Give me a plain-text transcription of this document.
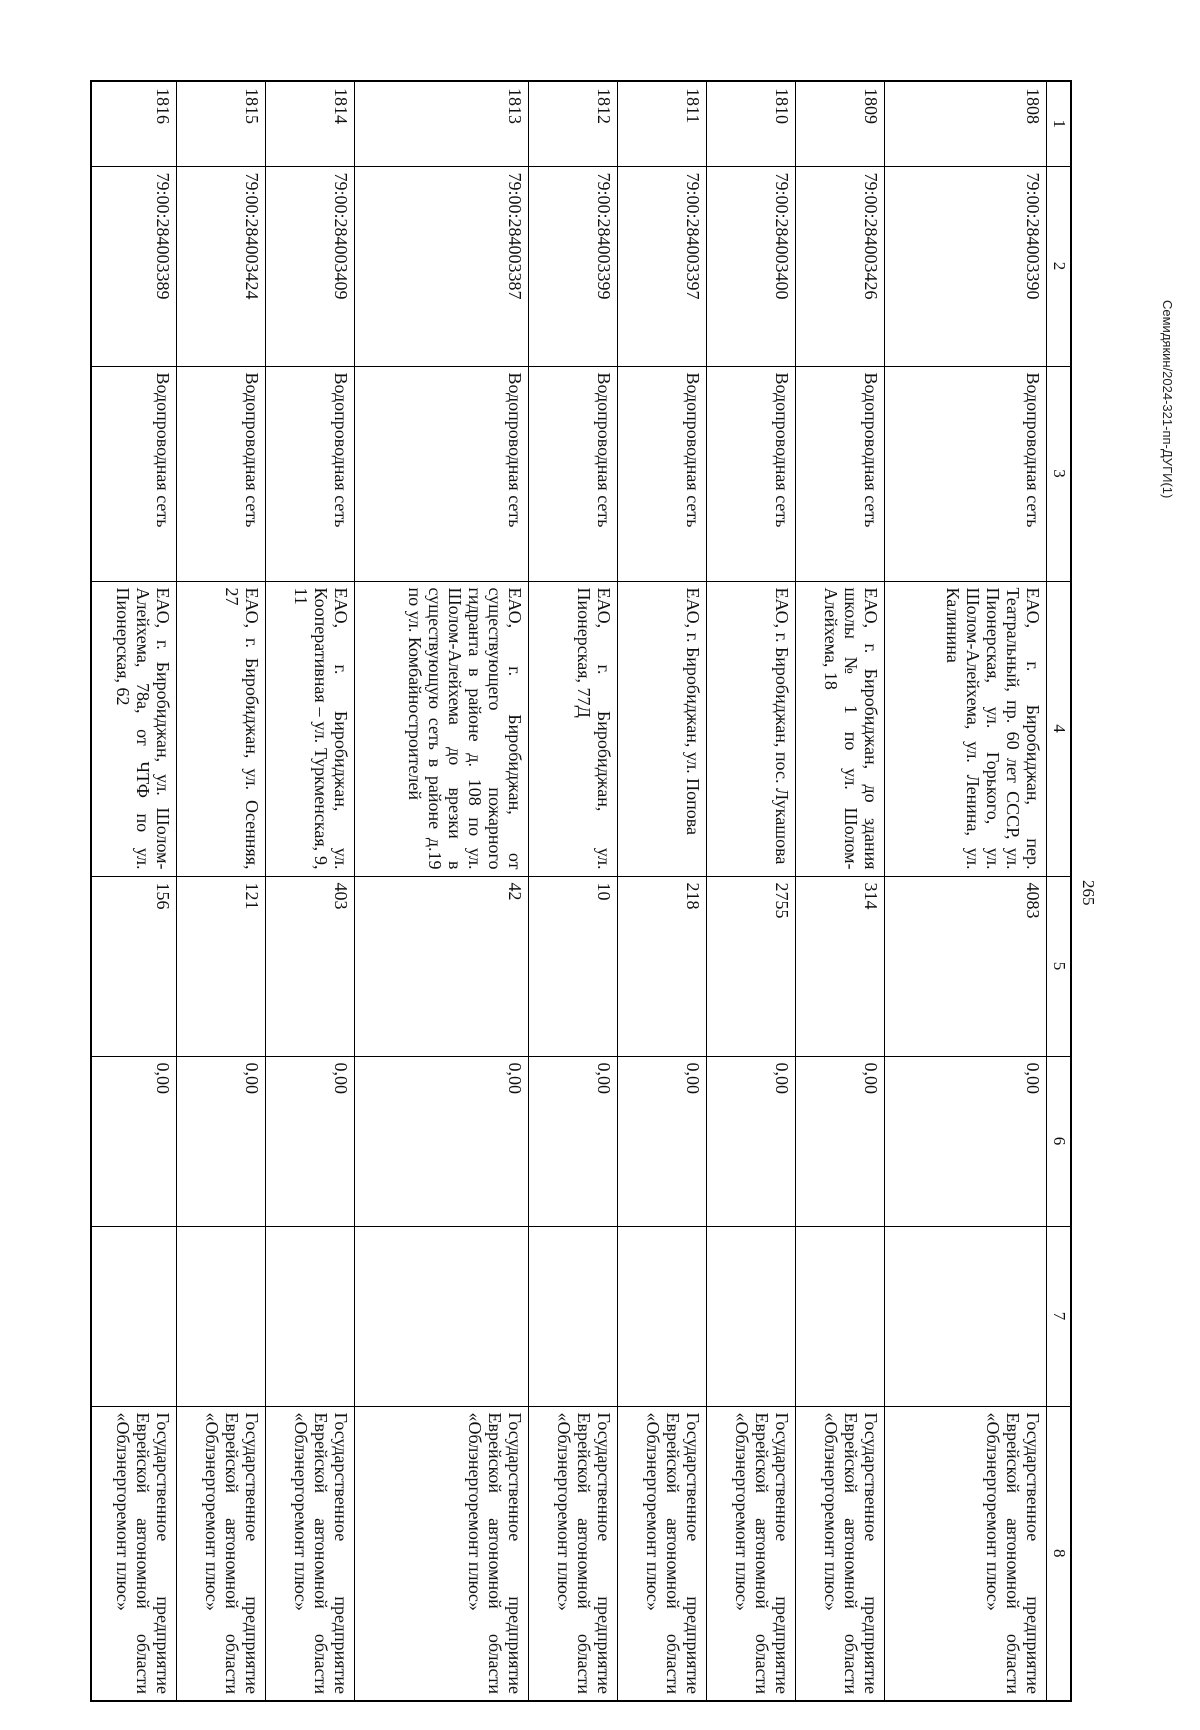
265
1	2	3	4	5	6	7	8
1808	79:00:284003390	Водопроводная сеть	ЕАО, г. Биробиджан, пер. Театральный, пр. 60 лет СССР, ул. Пионерская, ул. Горького, ул. Шолом-Алейхема, ул. Ленина, ул. Калинина	4083	0,00		Государственное предприятие Еврейской автономной области «Облэнергоремонт плюс»
1809	79:00:284003426	Водопроводная сеть	ЕАО, г. Биробиджан, до здания школы № 1 по ул. Шолом-Алейхема, 18	314	0,00		Государственное предприятие Еврейской автономной области «Облэнергоремонт плюс»
1810	79:00:284003400	Водопроводная сеть	ЕАО, г. Биробиджан, пос. Лукашова	2755	0,00		Государственное предприятие Еврейской автономной области «Облэнергоремонт плюс»
1811	79:00:284003397	Водопроводная сеть	ЕАО, г. Биробиджан, ул. Попова	218	0,00		Государственное предприятие Еврейской автономной области «Облэнергоремонт плюс»
1812	79:00:284003399	Водопроводная сеть	ЕАО, г. Биробиджан, ул. Пионерская, 77Д	10	0,00		Государственное предприятие Еврейской автономной области «Облэнергоремонт плюс»
1813	79:00:284003387	Водопроводная сеть	ЕАО, г. Биробиджан, от существующего пожарного гидранта в районе д. 108 по ул. Шолом-Алейхема до врезки в существующую сеть в районе д.19 по ул. Комбайностроителей	42	0,00		Государственное предприятие Еврейской автономной области «Облэнергоремонт плюс»
1814	79:00:284003409	Водопроводная сеть	ЕАО, г. Биробиджан, ул. Кооперативная – ул. Туркменская, 9, 11	403	0,00		Государственное предприятие Еврейской автономной области «Облэнергоремонт плюс»
1815	79:00:284003424	Водопроводная сеть	ЕАО, г. Биробиджан, ул. Осенняя, 27	121	0,00		Государственное предприятие Еврейской автономной области «Облэнергоремонт плюс»
1816	79:00:284003389	Водопроводная сеть	ЕАО, г. Биробиджан, ул. Шолом-Алейхема, 78а, от ЧТФ по ул. Пионерская, 62	156	0,00		Государственное предприятие Еврейской автономной области «Облэнергоремонт плюс»
Семидякин/2024-321-пп-ДУГИ(1)
